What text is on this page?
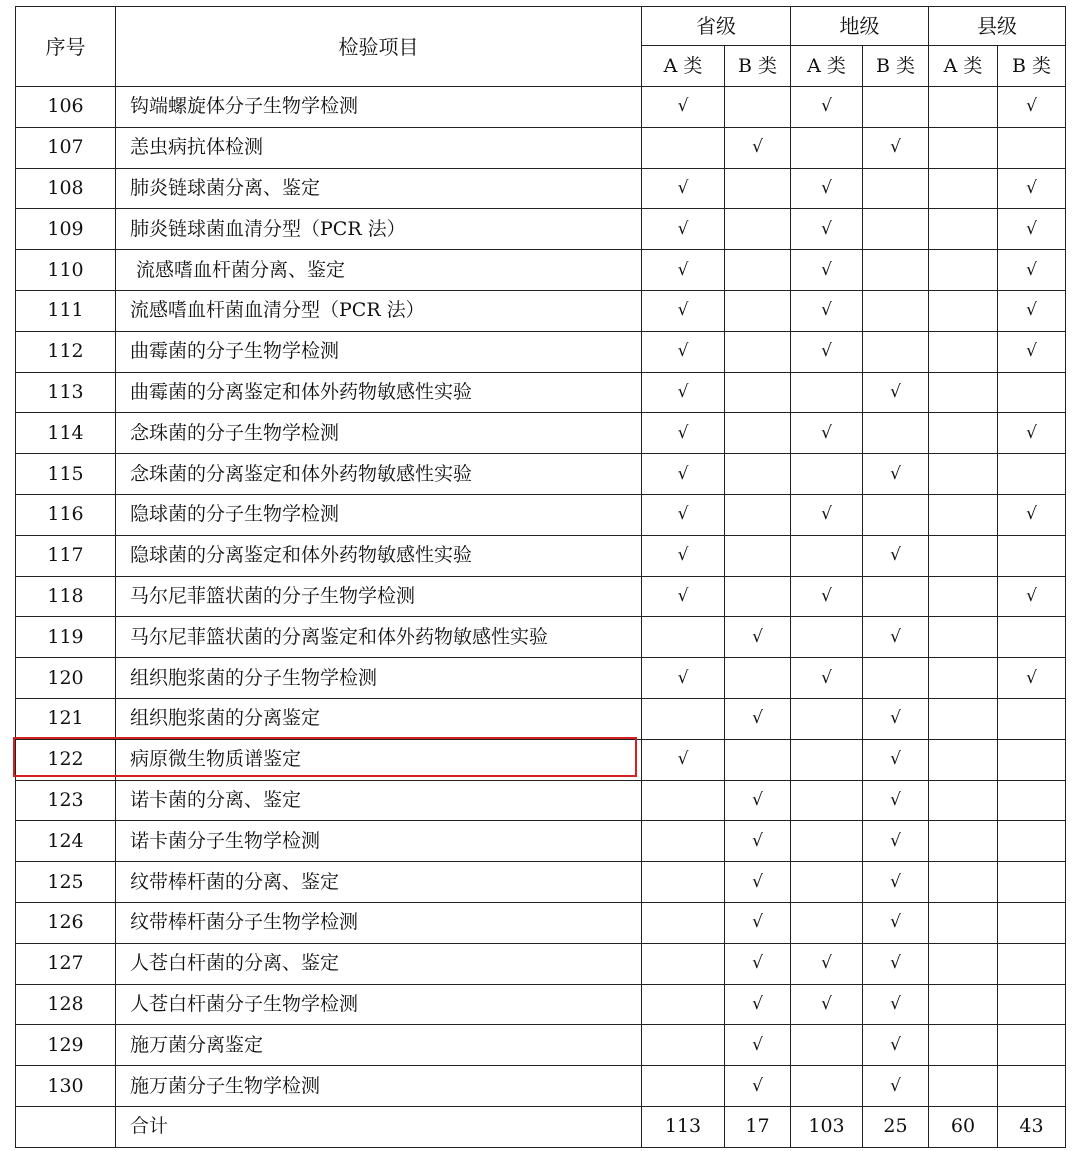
序号	检验项目	省级		地级		县级	
		A 类	B 类	A 类	B 类	A 类	B 类
106	钩端螺旋体分子生物学检测	√		√			√
107	恙虫病抗体检测		√		√		
108	肺炎链球菌分离、鉴定	√		√			√
109	肺炎链球菌血清分型（PCR 法）	√		√			√
110	流感嗜血杆菌分离、鉴定	√		√			√
111	流感嗜血杆菌血清分型（PCR 法）	√		√			√
112	曲霉菌的分子生物学检测	√		√			√
113	曲霉菌的分离鉴定和体外药物敏感性实验	√			√		
114	念珠菌的分子生物学检测	√		√			√
115	念珠菌的分离鉴定和体外药物敏感性实验	√			√		
116	隐球菌的分子生物学检测	√		√			√
117	隐球菌的分离鉴定和体外药物敏感性实验	√			√		
118	马尔尼菲篮状菌的分子生物学检测	√		√			√
119	马尔尼菲篮状菌的分离鉴定和体外药物敏感性实验		√		√		
120	组织胞浆菌的分子生物学检测	√		√			√
121	组织胞浆菌的分离鉴定		√		√		
122	病原微生物质谱鉴定	√			√		
123	诺卡菌的分离、鉴定		√		√		
124	诺卡菌分子生物学检测		√		√		
125	纹带棒杆菌的分离、鉴定		√		√		
126	纹带棒杆菌分子生物学检测		√		√		
127	人苍白杆菌的分离、鉴定		√	√	√		
128	人苍白杆菌分子生物学检测		√	√	√		
129	施万菌分离鉴定		√		√		
130	施万菌分子生物学检测		√		√		
	合计	113	17	103	25	60	43
